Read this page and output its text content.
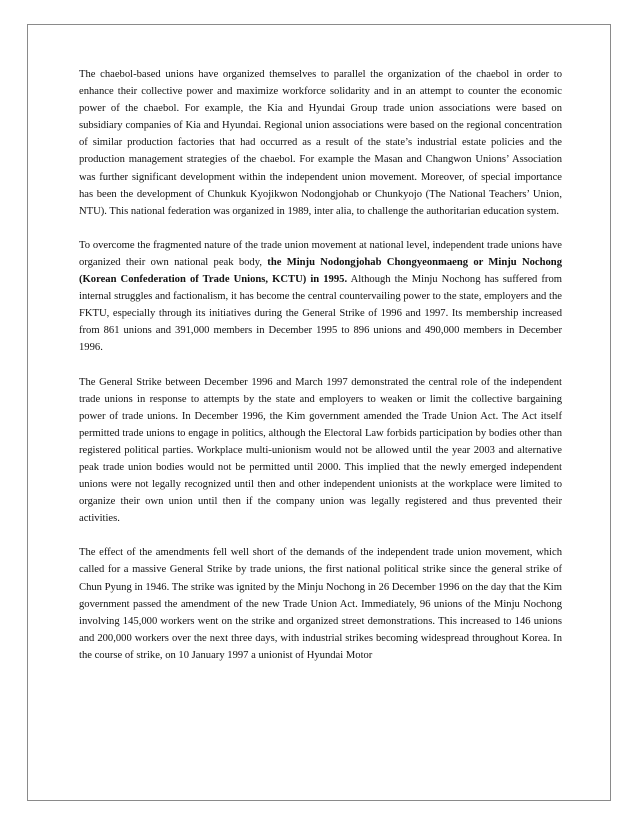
The chaebol-based unions have organized themselves to parallel the organization of the chaebol in order to enhance their collective power and maximize workforce solidarity and in an attempt to counter the economic power of the chaebol. For example, the Kia and Hyundai Group trade union associations were based on subsidiary companies of Kia and Hyundai. Regional union associations were based on the regional concentration of similar production factories that had occurred as a result of the state’s industrial estate policies and the production management strategies of the chaebol. For example the Masan and Changwon Unions’ Association was further significant development within the independent union movement. Moreover, of special importance has been the development of Chunkuk Kyojikwon Nodongjohab or Chunkyojo (The National Teachers’ Union, NTU). This national federation was organized in 1989, inter alia, to challenge the authoritarian education system.

To overcome the fragmented nature of the trade union movement at national level, independent trade unions have organized their own national peak body, the Minju Nodongjohab Chongyeonmaeng or Minju Nochong (Korean Confederation of Trade Unions, KCTU) in 1995. Although the Minju Nochong has suffered from internal struggles and factionalism, it has become the central countervailing power to the state, employers and the FKTU, especially through its initiatives during the General Strike of 1996 and 1997. Its membership increased from 861 unions and 391,000 members in December 1995 to 896 unions and 490,000 members in December 1996.

The General Strike between December 1996 and March 1997 demonstrated the central role of the independent trade unions in response to attempts by the state and employers to weaken or limit the collective bargaining power of trade unions. In December 1996, the Kim government amended the Trade Union Act. The Act itself permitted trade unions to engage in politics, although the Electoral Law forbids participation by bodies other than registered political parties. Workplace multi-unionism would not be allowed until the year 2003 and alternative peak trade union bodies would not be permitted until 2000. This implied that the newly emerged independent unions were not legally recognized until then and other independent unionists at the workplace were limited to organize their own union until then if the company union was legally registered and thus prevented their activities.

The effect of the amendments fell well short of the demands of the independent trade union movement, which called for a massive General Strike by trade unions, the first national political strike since the general strike of Chun Pyung in 1946. The strike was ignited by the Minju Nochong in 26 December 1996 on the day that the Kim government passed the amendment of the new Trade Union Act. Immediately, 96 unions of the Minju Nochong involving 145,000 workers went on the strike and organized street demonstrations. This increased to 146 unions and 200,000 workers over the next three days, with industrial strikes becoming widespread throughout Korea. In the course of strike, on 10 January 1997 a unionist of Hyundai Motor
